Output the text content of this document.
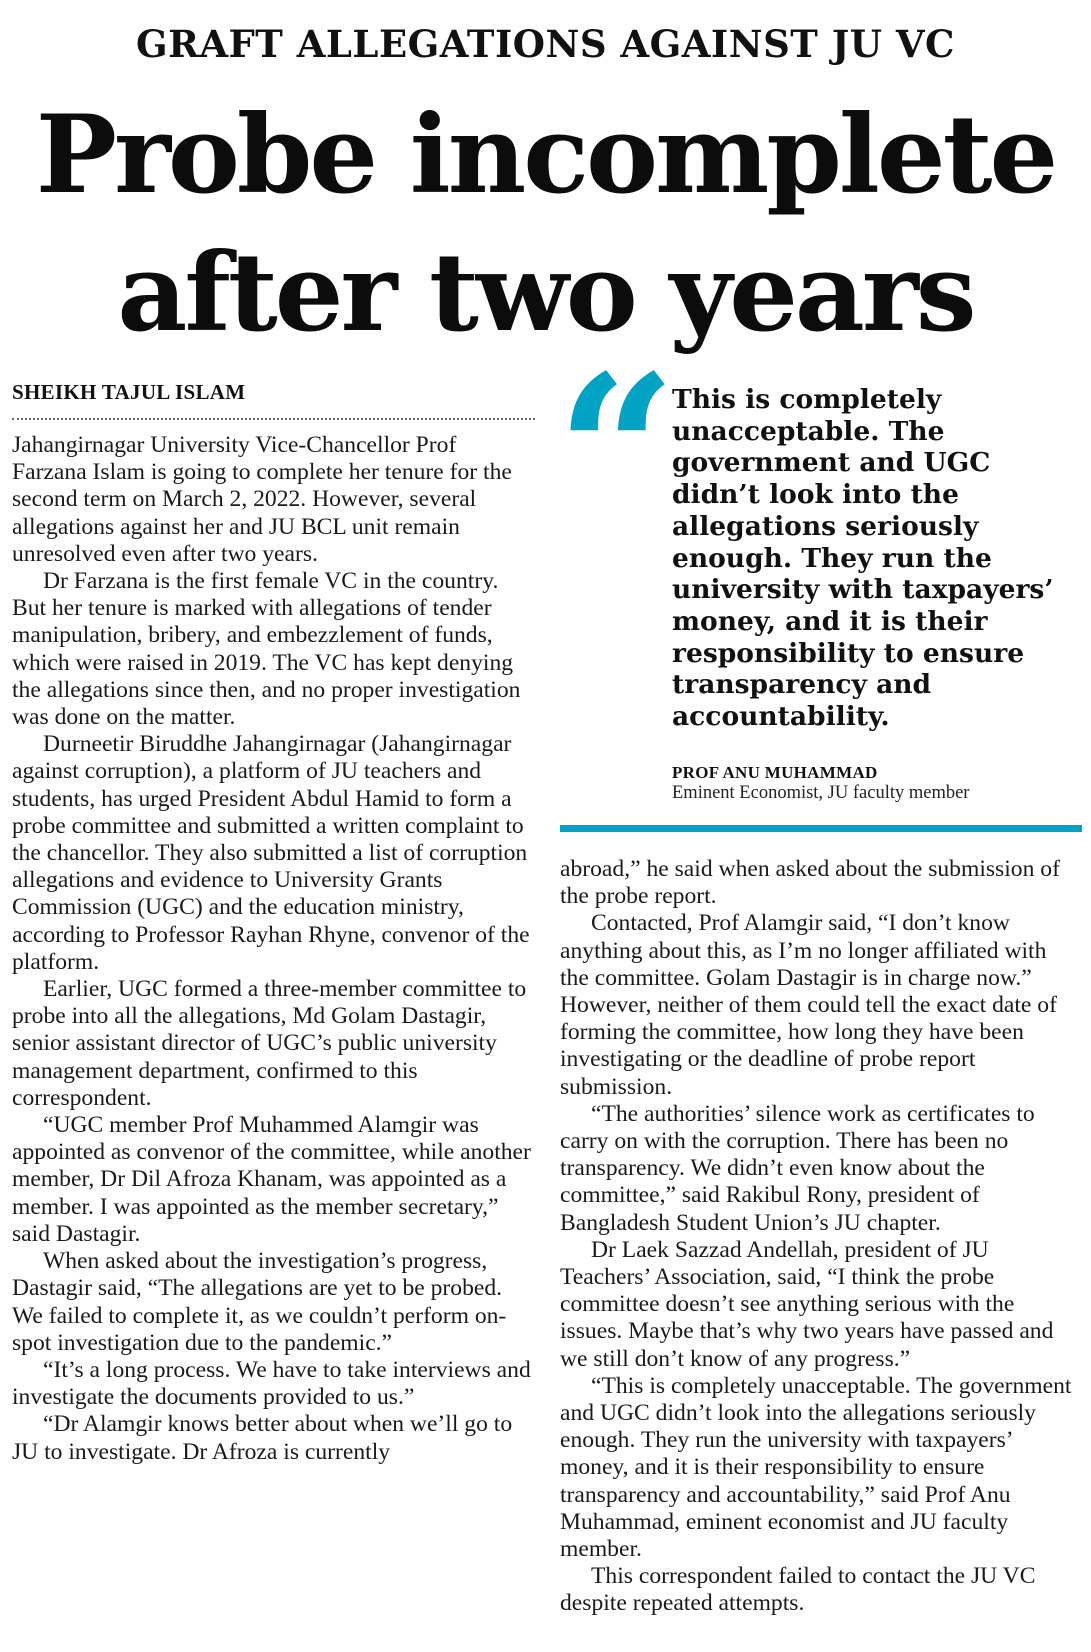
GRAFT ALLEGATIONS AGAINST JU VC
Probe incomplete
after two years
SHEIKH TAJUL ISLAM

Jahangirnagar University Vice-Chancellor Prof Farzana Islam is going to complete her tenure for the second term on March 2, 2022. However, several allegations against her and JU BCL unit remain unresolved even after two years.

Dr Farzana is the first female VC in the country. But her tenure is marked with allegations of tender manipulation, bribery, and embezzlement of funds, which were raised in 2019. The VC has kept denying the allegations since then, and no proper investigation was done on the matter.

Durneetir Biruddhe Jahangirnagar (Jahangirnagar against corruption), a platform of JU teachers and students, has urged President Abdul Hamid to form a probe committee and submitted a written complaint to the chancellor. They also submitted a list of corruption allegations and evidence to University Grants Commission (UGC) and the education ministry, according to Professor Rayhan Rhyne, convenor of the platform.

Earlier, UGC formed a three-member committee to probe into all the allegations, Md Golam Dastagir, senior assistant director of UGC’s public university management department, confirmed to this correspondent.

“UGC member Prof Muhammed Alamgir was appointed as convenor of the committee, while another member, Dr Dil Afroza Khanam, was appointed as a member. I was appointed as the member secretary,” said Dastagir.

When asked about the investigation’s progress, Dastagir said, “The allegations are yet to be probed. We failed to complete it, as we couldn’t perform on-spot investigation due to the pandemic.”

“It’s a long process. We have to take interviews and investigate the documents provided to us.”

“Dr Alamgir knows better about when we’ll go to JU to investigate. Dr Afroza is currently

“
This is completely unacceptable. The government and UGC didn’t look into the allegations seriously enough. They run the university with taxpayers’ money, and it is their responsibility to ensure transparency and accountability.
PROF ANU MUHAMMAD
Eminent Economist, JU faculty member

abroad,” he said when asked about the submission of the probe report.

Contacted, Prof Alamgir said, “I don’t know anything about this, as I’m no longer affiliated with the committee. Golam Dastagir is in charge now.” However, neither of them could tell the exact date of forming the committee, how long they have been investigating or the deadline of probe report submission.

“The authorities’ silence work as certificates to carry on with the corruption. There has been no transparency. We didn’t even know about the committee,” said Rakibul Rony, president of Bangladesh Student Union’s JU chapter.

Dr Laek Sazzad Andellah, president of JU Teachers’ Association, said, “I think the probe committee doesn’t see anything serious with the issues. Maybe that’s why two years have passed and we still don’t know of any progress.”

“This is completely unacceptable. The government and UGC didn’t look into the allegations seriously enough. They run the university with taxpayers’ money, and it is their responsibility to ensure transparency and accountability,” said Prof Anu Muhammad, eminent economist and JU faculty member.

This correspondent failed to contact the JU VC despite repeated attempts.
